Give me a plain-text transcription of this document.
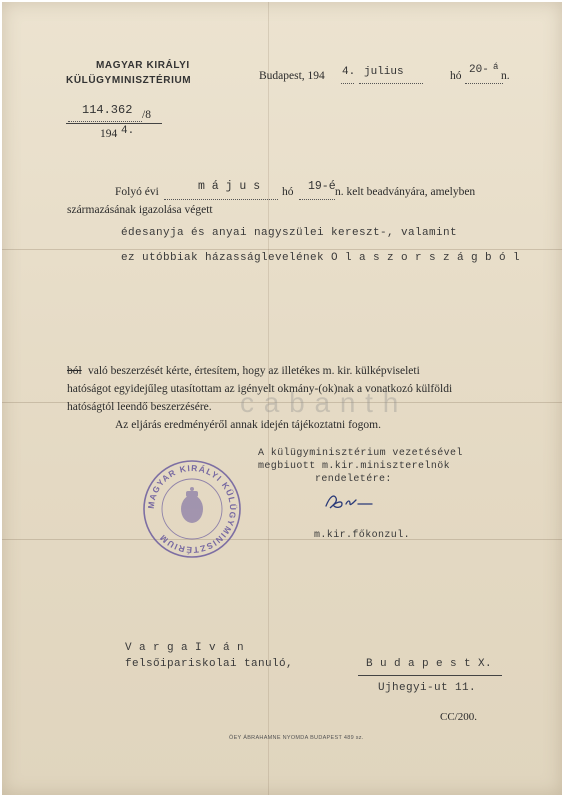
MAGYAR KIRÁLYI
KÜLÜGYMINISZTÉRIUM	Budapest, 194 4. julius	hó 20- á
n.
114.362 /8
194 4.
Folyó évi	m á j u s hó 19-é n. kelt beadványára, amelyben
származásának igazolása végett
édesanyja és anyai nagyszülei kereszt-, valamint
ez utóbbiak házasságlevelének O l a s z o r s z á g b ó l
ból való beszerzését kérte, értesítem, hogy az illetékes m. kir. külképviseleti
hatóságot egyidejűleg utasítottam az igényelt okmány-(ok)nak a vonatkozó külföldi
hatóságtól leendő beszerzésére.
Az eljárás eredményéről annak idején tájékoztatni fogom.
c a b a n t h
A külügyminisztérium vezetésével
megbiuott m.kir.miniszterelnök
rendeletére:
m.kir.főkonzul.
MAGYAR KIRÁLYI KÜLÜGYMINISZTÉRIUM
V a r g a I v á n
felsőipariskolai tanuló,	B u d a p e s t X.
Ujhegyi-ut 11.
CC/200.
ÖEY ÁBRAHAMNE NYOMDA BUDAPEST 489 sz.
